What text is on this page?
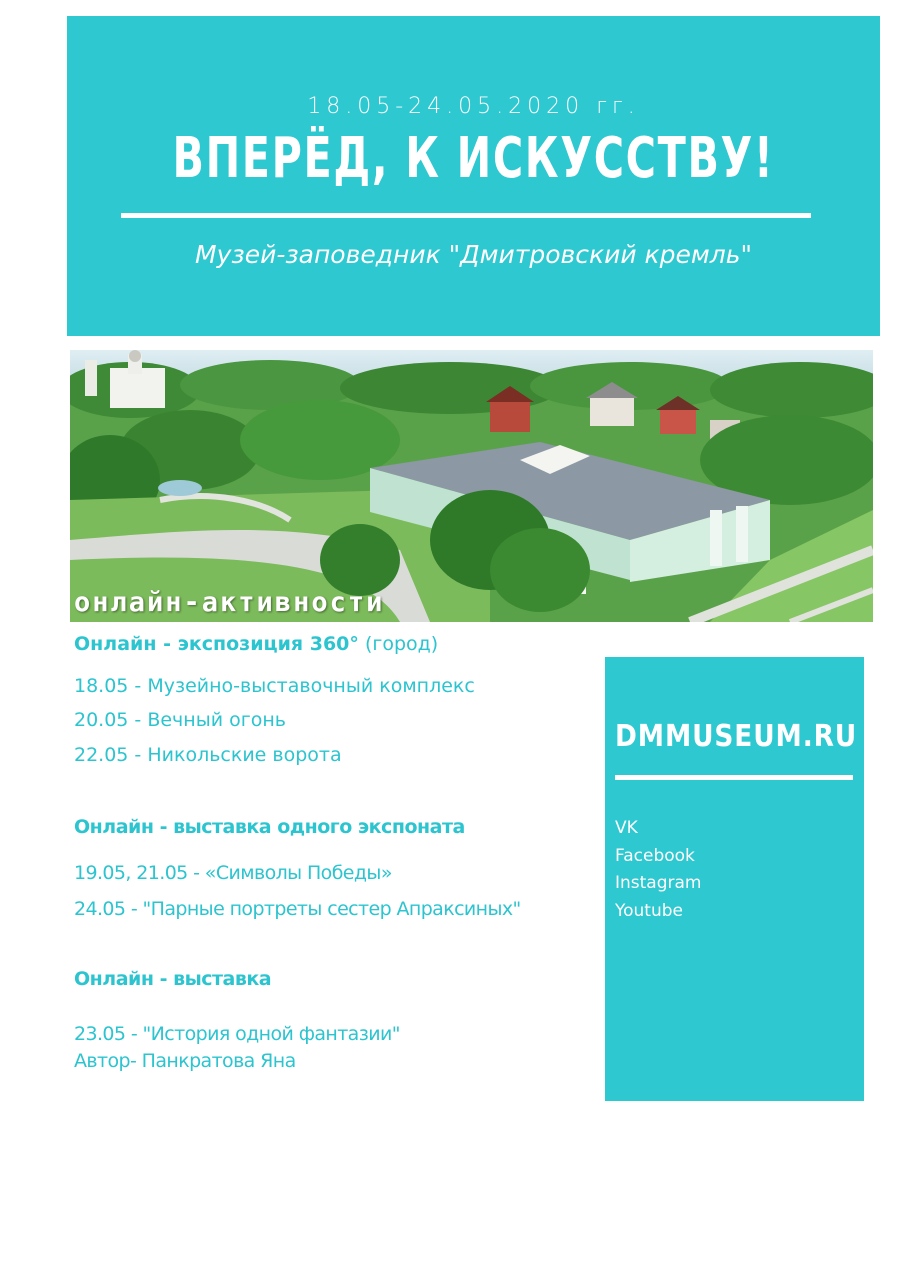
18.05-24.05.2020 гг.
ВПЕРЁД, К ИСКУССТВУ!
Музей-заповедник "Дмитровский кремль"
онлайн-активности
Онлайн - экспозиция 360° (город)
18.05 - Музейно-выставочный комплекс
20.05 - Вечный огонь
22.05 - Никольские ворота
Онлайн - выставка одного экспоната
19.05, 21.05 - «Символы Победы»
24.05 - "Парные портреты сестер Апраксиных"
Онлайн - выставка
23.05 - "История одной фантазии"
Автор- Панкратова Яна
DMMUSEUM.RU
VK
Facebook
Instagram
Youtube
